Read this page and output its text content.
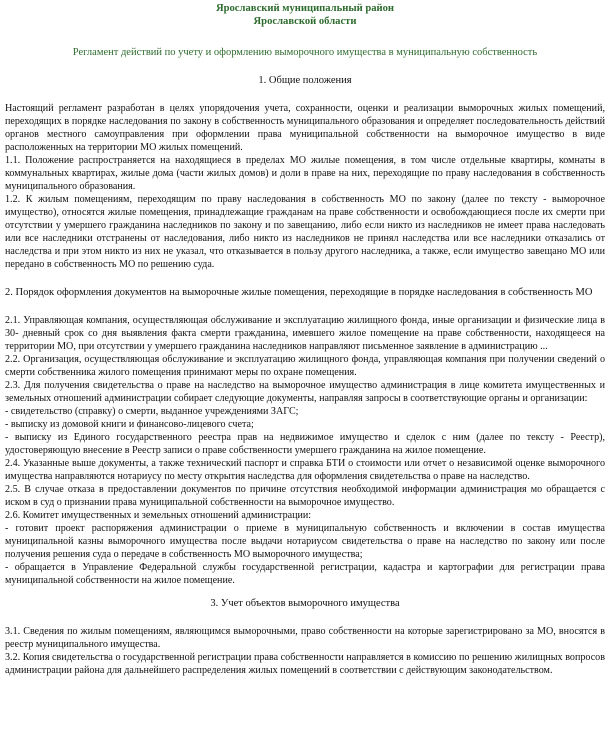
Ярославский муниципальный район
Ярославской области
Регламент действий по учету и оформлению выморочного имущества в муниципальную собственность
1. Общие положения

Настоящий регламент разработан в целях упорядочения учета, сохранности, оценки и реализации выморочных жилых помещений, переходящих в порядке наследования по закону в собственность муниципального образования и определяет последовательность действий органов местного самоуправления при оформлении права муниципальной собственности на выморочное имущество в виде расположенных на территории МО жилых помещений.

1.1. Положение распространяется на находящиеся в пределах МО жилые помещения, в том числе отдельные квартиры, комнаты в коммунальных квартирах, жилые дома (части жилых домов) и доли в праве на них, переходящие по праву наследования в собственность муниципального образования.

1.2. К жилым помещениям, переходящим по праву наследования в собственность МО по закону (далее по тексту - выморочное имущество), относятся жилые помещения, принадлежащие гражданам на праве собственности и освобождающиеся после их смерти при отсутствии у умершего гражданина наследников по закону и по завещанию, либо если никто из наследников не имеет права наследовать или все наследники отстранены от наследования, либо никто из наследников не принял наследства или все наследники отказались от наследства и при этом никто из них не указал, что отказывается в пользу другого наследника, а также, если имущество завещано МО или передано в собственность МО по решению суда.

2. Порядок оформления документов на выморочные жилые помещения, переходящие в порядке наследования в собственность МО

2.1. Управляющая компания, осуществляющая обслуживание и эксплуатацию жилищного фонда, иные организации и физические лица в 30- дневный срок со дня выявления факта смерти гражданина, имевшего жилое помещение на праве собственности, находящееся на территории МО, при отсутствии у умершего гражданина наследников направляют письменное заявление в администрацию ...

2.2. Организация, осуществляющая обслуживание и эксплуатацию жилищного фонда, управляющая компания при получении сведений о смерти собственника жилого помещения принимают меры по охране помещения.

2.3. Для получения свидетельства о праве на наследство на выморочное имущество администрация в лице комитета имущественных и земельных отношений администрации собирает следующие документы, направляя запросы в соответствующие органы и организации:

- свидетельство (справку) о смерти, выданное учреждениями ЗАГС;

- выписку из домовой книги и финансово-лицевого счета;

- выписку из Единого государственного реестра прав на недвижимое имущество и сделок с ним (далее по тексту - Реестр), удостоверяющую внесение в Реестр записи о праве собственности умершего гражданина на жилое помещение.

2.4. Указанные выше документы, а также технический паспорт и справка БТИ о стоимости или отчет о независимой оценке выморочного имущества направляются нотариусу по месту открытия наследства для оформления свидетельства о праве на наследство.

2.5. В случае отказа в предоставлении документов по причине отсутствия необходимой информации администрация мо обращается с иском в суд о признании права муниципальной собственности на выморочное имущество.

2.6. Комитет имущественных и земельных отношений администрации:

- готовит проект распоряжения администрации о приеме в муниципальную собственность и включении в состав имущества муниципальной казны выморочного имущества после выдачи нотариусом свидетельства о праве на наследство по закону или после получения решения суда о передаче в собственность МО выморочного имущества;

- обращается в Управление Федеральной службы государственной регистрации, кадастра и картографии для регистрации права муниципальной собственности на жилое помещение.

3. Учет объектов выморочного имущества

3.1. Сведения по жилым помещениям, являющимся выморочными, право собственности на которые зарегистрировано за МО, вносятся в реестр муниципального имущества.

3.2. Копия свидетельства о государственной регистрации права собственности направляется в комиссию по решению жилищных вопросов администрации района для дальнейшего распределения жилых помещений в соответствии с действующим законодательством.
